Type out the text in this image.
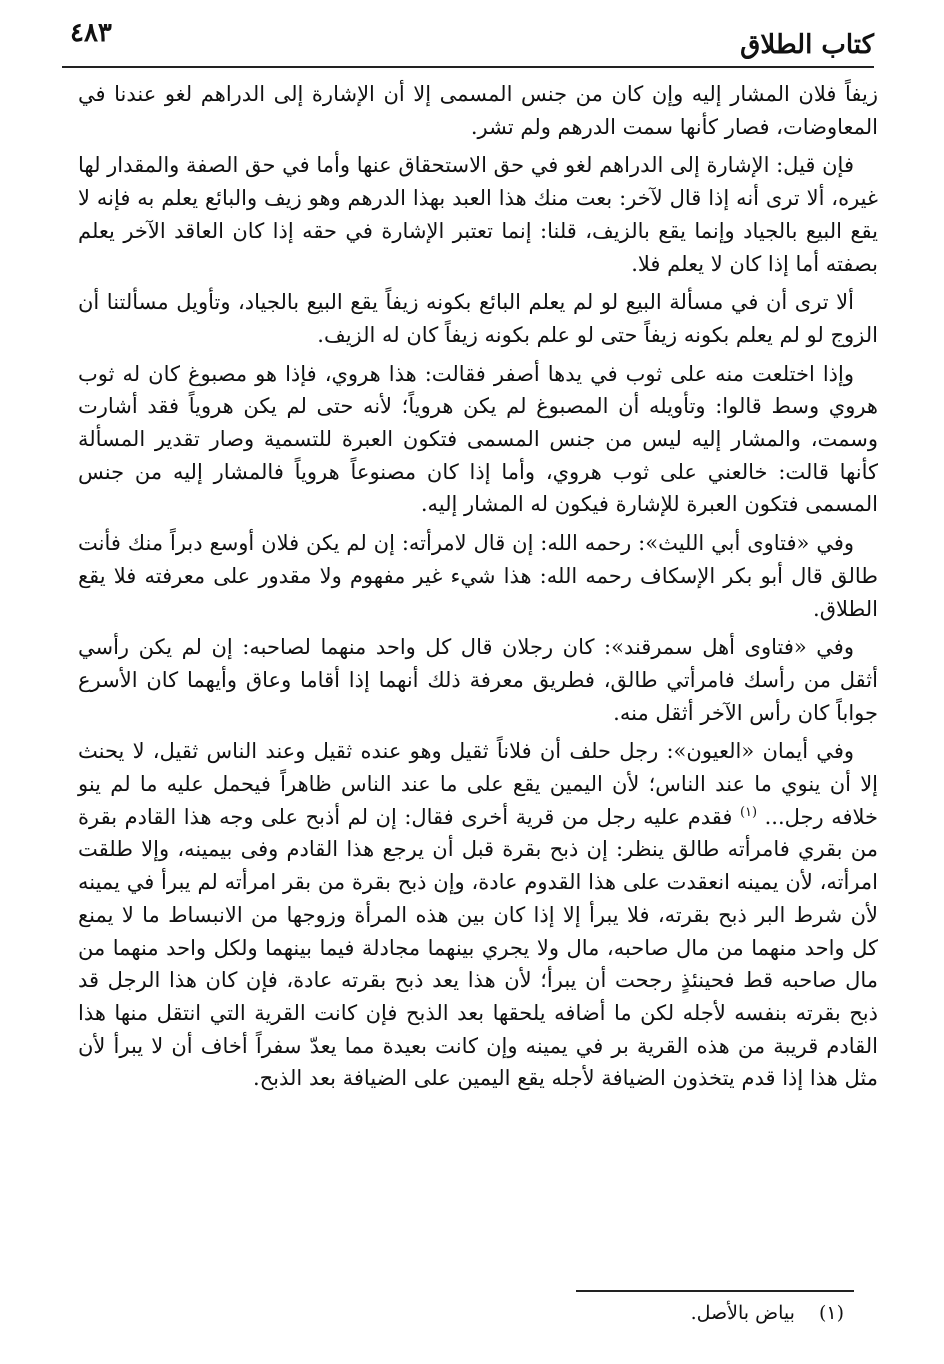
كتاب الطلاق
٤٨٣

زيفاً فلان المشار إليه وإن كان من جنس المسمى إلا أن الإشارة إلى الدراهم لغو عندنا في المعاوضات، فصار كأنها سمت الدرهم ولم تشر.

فإن قيل: الإشارة إلى الدراهم لغو في حق الاستحقاق عنها وأما في حق الصفة والمقدار لها غيره، ألا ترى أنه إذا قال لآخر: بعت منك هذا العبد بهذا الدرهم وهو زيف والبائع يعلم به فإنه لا يقع البيع بالجياد وإنما يقع بالزيف، قلنا: إنما تعتبر الإشارة في حقه إذا كان العاقد الآخر يعلم بصفته أما إذا كان لا يعلم فلا.

ألا ترى أن في مسألة البيع لو لم يعلم البائع بكونه زيفاً يقع البيع بالجياد، وتأويل مسألتنا أن الزوج لو لم يعلم بكونه زيفاً حتى لو علم بكونه زيفاً كان له الزيف.

وإذا اختلعت منه على ثوب في يدها أصفر فقالت: هذا هروي، فإذا هو مصبوغ كان له ثوب هروي وسط قالوا: وتأويله أن المصبوغ لم يكن هروياً؛ لأنه حتى لم يكن هروياً فقد أشارت وسمت، والمشار إليه ليس من جنس المسمى فتكون العبرة للتسمية وصار تقدير المسألة كأنها قالت: خالعني على ثوب هروي، وأما إذا كان مصنوعاً هروياً فالمشار إليه من جنس المسمى فتكون العبرة للإشارة فيكون له المشار إليه.

وفي «فتاوى أبي الليث»: رحمه الله: إن قال لامرأته: إن لم يكن فلان أوسع دبراً منك فأنت طالق قال أبو بكر الإسكاف رحمه الله: هذا شيء غير مفهوم ولا مقدور على معرفته فلا يقع الطلاق.

وفي «فتاوى أهل سمرقند»: كان رجلان قال كل واحد منهما لصاحبه: إن لم يكن رأسي أثقل من رأسك فامرأتي طالق، فطريق معرفة ذلك أنهما إذا أقاما وعاق وأيهما كان الأسرع جواباً كان رأس الآخر أثقل منه.

وفي أيمان «العيون»: رجل حلف أن فلاناً ثقيل وهو عنده ثقيل وعند الناس ثقيل، لا يحنث إلا أن ينوي ما عند الناس؛ لأن اليمين يقع على ما عند الناس ظاهراً فيحمل عليه ما لم ينو خلافه رجل... $^{(١)}$ فقدم عليه رجل من قرية أخرى فقال: إن لم أذبح على وجه هذا القادم بقرة من بقري فامرأته طالق ينظر: إن ذبح بقرة قبل أن يرجع هذا القادم وفى بيمينه، وإلا طلقت امرأته، لأن يمينه انعقدت على هذا القدوم عادة، وإن ذبح بقرة من بقر امرأته لم يبرأ في يمينه لأن شرط البر ذبح بقرته، فلا يبرأ إلا إذا كان بين هذه المرأة وزوجها من الانبساط ما لا يمنع كل واحد منهما من مال صاحبه، مال ولا يجري بينهما مجادلة فيما بينهما ولكل واحد منهما من مال صاحبه قط فحينئذٍ رجحت أن يبرأ؛ لأن هذا يعد ذبح بقرته عادة، فإن كان هذا الرجل قد ذبح بقرته بنفسه لأجله لكن ما أضافه يلحقها بعد الذبح فإن كانت القرية التي انتقل منها هذا القادم قريبة من هذه القرية بر في يمينه وإن كانت بعيدة مما يعدّ سفراً أخاف أن لا يبرأ لأن مثل هذا إذا قدم يتخذون الضيافة لأجله يقع اليمين على الضيافة بعد الذبح.

(١) بياض بالأصل.
